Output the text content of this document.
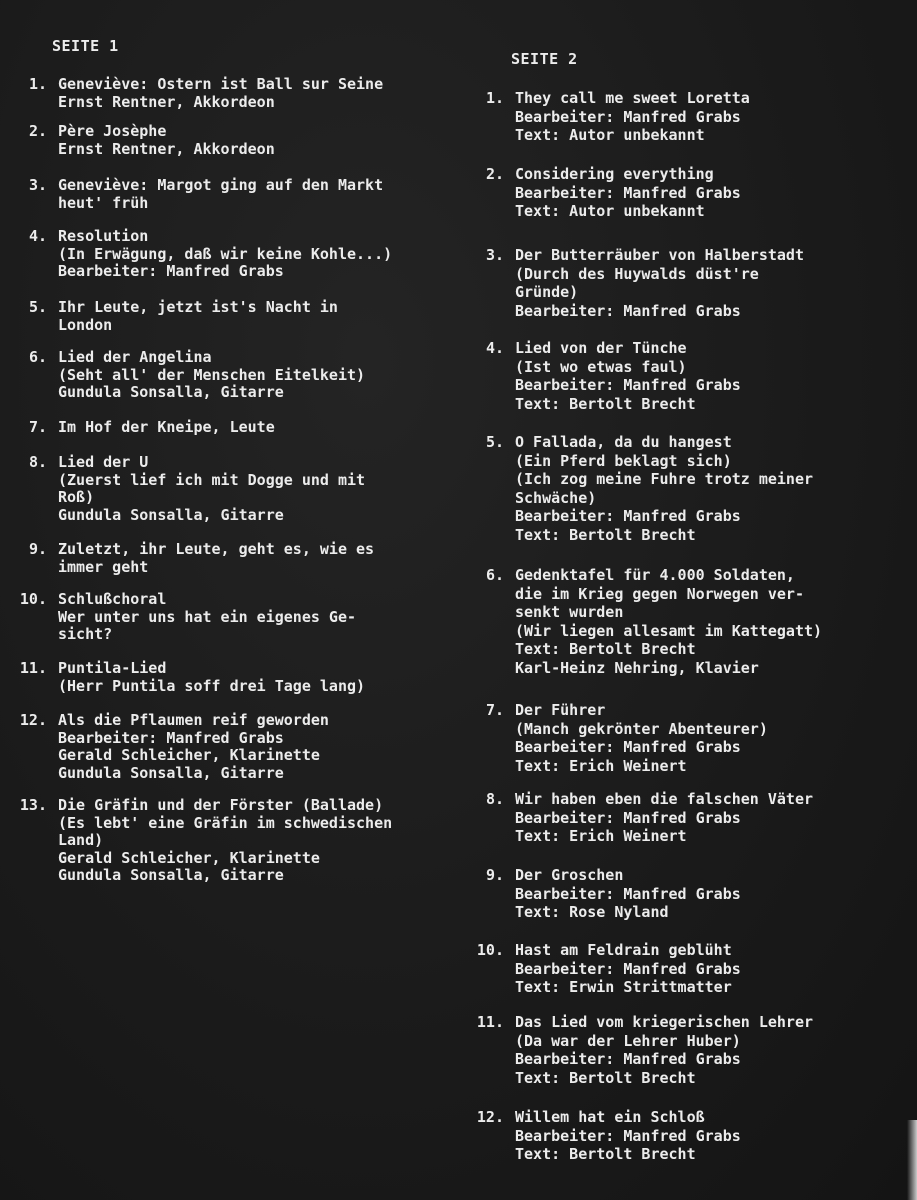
SEITE 1
1. Geneviève: Ostern ist Ball sur Seine
Ernst Rentner, Akkordeon
2. Père Josèphe
Ernst Rentner, Akkordeon
3. Geneviève: Margot ging auf den Markt
heut' früh
4. Resolution
(In Erwägung, daß wir keine Kohle...)
Bearbeiter: Manfred Grabs
5. Ihr Leute, jetzt ist's Nacht in
London
6. Lied der Angelina
(Seht all' der Menschen Eitelkeit)
Gundula Sonsalla, Gitarre
7. Im Hof der Kneipe, Leute
8. Lied der U
(Zuerst lief ich mit Dogge und mit
Roß)
Gundula Sonsalla, Gitarre
9. Zuletzt, ihr Leute, geht es, wie es
immer geht
10. Schlußchoral
Wer unter uns hat ein eigenes Ge-
sicht?
11. Puntila-Lied
(Herr Puntila soff drei Tage lang)
12. Als die Pflaumen reif geworden
Bearbeiter: Manfred Grabs
Gerald Schleicher, Klarinette
Gundula Sonsalla, Gitarre
13. Die Gräfin und der Förster (Ballade)
(Es lebt' eine Gräfin im schwedischen
Land)
Gerald Schleicher, Klarinette
Gundula Sonsalla, Gitarre
SEITE 2
1. They call me sweet Loretta
Bearbeiter: Manfred Grabs
Text: Autor unbekannt
2. Considering everything
Bearbeiter: Manfred Grabs
Text: Autor unbekannt
3. Der Butterräuber von Halberstadt
(Durch des Huywalds düst're
Gründe)
Bearbeiter: Manfred Grabs
4. Lied von der Tünche
(Ist wo etwas faul)
Bearbeiter: Manfred Grabs
Text: Bertolt Brecht
5. O Fallada, da du hangest
(Ein Pferd beklagt sich)
(Ich zog meine Fuhre trotz meiner
Schwäche)
Bearbeiter: Manfred Grabs
Text: Bertolt Brecht
6. Gedenktafel für 4.000 Soldaten,
die im Krieg gegen Norwegen ver-
senkt wurden
(Wir liegen allesamt im Kattegatt)
Text: Bertolt Brecht
Karl-Heinz Nehring, Klavier
7. Der Führer
(Manch gekrönter Abenteurer)
Bearbeiter: Manfred Grabs
Text: Erich Weinert
8. Wir haben eben die falschen Väter
Bearbeiter: Manfred Grabs
Text: Erich Weinert
9. Der Groschen
Bearbeiter: Manfred Grabs
Text: Rose Nyland
10. Hast am Feldrain geblüht
Bearbeiter: Manfred Grabs
Text: Erwin Strittmatter
11. Das Lied vom kriegerischen Lehrer
(Da war der Lehrer Huber)
Bearbeiter: Manfred Grabs
Text: Bertolt Brecht
12. Willem hat ein Schloß
Bearbeiter: Manfred Grabs
Text: Bertolt Brecht
